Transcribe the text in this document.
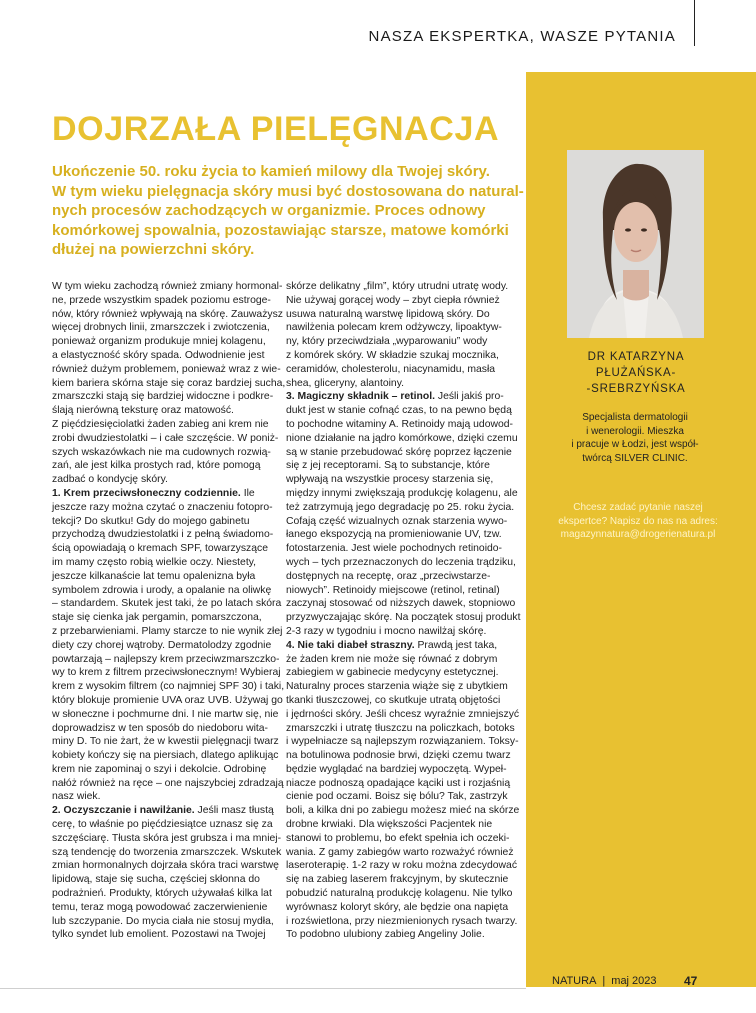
NASZA EKSPERTKA, WASZE PYTANIA
DOJRZAŁA PIELĘGNACJA

Ukończenie 50. roku życia to kamień milowy dla Twojej skóry.
W tym wieku pielęgnacja skóry musi być dostosowana do natural-
nych procesów zachodzących w organizmie. Proces odnowy
komórkowej spowalnia, pozostawiając starsze, matowe komórki
dłużej na powierzchni skóry.

W tym wieku zachodzą również zmiany hormonal-
ne, przede wszystkim spadek poziomu estroge-
nów, który również wpływają na skórę. Zauważysz
więcej drobnych linii, zmarszczek i zwiotczenia,
ponieważ organizm produkuje mniej kolagenu,
a elastyczność skóry spada. Odwodnienie jest
również dużym problemem, ponieważ wraz z wie-
kiem bariera skórna staje się coraz bardziej sucha,
zmarszczki stają się bardziej widoczne i podkre-
ślają nierówną teksturę oraz matowość.
Z pięćdziesięciolatki żaden zabieg ani krem nie
zrobi dwudziestolatki – i całe szczęście. W poniż-
szych wskazówkach nie ma cudownych rozwią-
zań, ale jest kilka prostych rad, które pomogą
zadbać o kondycję skóry.
1. Krem przeciwsłoneczny codziennie. Ile
jeszcze razy można czytać o znaczeniu fotopro-
tekcji? Do skutku! Gdy do mojego gabinetu
przychodzą dwudziestolatki i z pełną świadomo-
ścią opowiadają o kremach SPF, towarzyszące
im mamy często robią wielkie oczy. Niestety,
jeszcze kilkanaście lat temu opalenizna była
symbolem zdrowia i urody, a opalanie na oliwkę
– standardem. Skutek jest taki, że po latach skóra
staje się cienka jak pergamin, pomarszczona,
z przebarwieniami. Plamy starcze to nie wynik złej
diety czy chorej wątroby. Dermatolodzy zgodnie
powtarzają – najlepszy krem przeciwzmarszczko-
wy to krem z filtrem przeciwsłonecznym! Wybieraj
krem z wysokim filtrem (co najmniej SPF 30) i taki,
który blokuje promienie UVA oraz UVB. Używaj go
w słoneczne i pochmurne dni. I nie martw się, nie
doprowadzisz w ten sposób do niedoboru wita-
miny D. To nie żart, że w kwestii pielęgnacji twarz
kobiety kończy się na piersiach, dlatego aplikując
krem nie zapominaj o szyi i dekolcie. Odrobinę
nałóż również na ręce – one najszybciej zdradzają
nasz wiek.
2. Oczyszczanie i nawilżanie. Jeśli masz tłustą
cerę, to właśnie po pięćdziesiątce uznasz się za
szczęściarę. Tłusta skóra jest grubsza i ma mniej-
szą tendencję do tworzenia zmarszczek. Wskutek
zmian hormonalnych dojrzała skóra traci warstwę
lipidową, staje się sucha, częściej skłonna do
podrażnień. Produkty, których używałaś kilka lat
temu, teraz mogą powodować zaczerwienienie
lub szczypanie. Do mycia ciała nie stosuj mydła,
tylko syndet lub emolient. Pozostawi na Twojej
skórze delikatny „film”, który utrudni utratę wody.
Nie używaj gorącej wody – zbyt ciepła również
usuwa naturalną warstwę lipidową skóry. Do
nawilżenia polecam krem odżywczy, lipoaktyw-
ny, który przeciwdziała „wyparowaniu” wody
z komórek skóry. W składzie szukaj mocznika,
ceramidów, cholesterolu, niacynamidu, masła
shea, gliceryny, alantoiny.
3. Magiczny składnik – retinol. Jeśli jakiś pro-
dukt jest w stanie cofnąć czas, to na pewno będą
to pochodne witaminy A. Retinoidy mają udowod-
nione działanie na jądro komórkowe, dzięki czemu
są w stanie przebudować skórę poprzez łączenie
się z jej receptorami. Są to substancje, które
wpływają na wszystkie procesy starzenia się,
między innymi zwiększają produkcję kolagenu, ale
też zatrzymują jego degradację po 25. roku życia.
Cofają część wizualnych oznak starzenia wywo-
łanego ekspozycją na promieniowanie UV, tzw.
fotostarzenia. Jest wiele pochodnych retinoido-
wych – tych przeznaczonych do leczenia trądziku,
dostępnych na receptę, oraz „przeciwstarze-
niowych”. Retinoidy miejscowe (retinol, retinal)
zaczynaj stosować od niższych dawek, stopniowo
przyzwyczajając skórę. Na początek stosuj produkt
2-3 razy w tygodniu i mocno nawilżaj skórę.
4. Nie taki diabeł straszny. Prawdą jest taka,
że żaden krem nie może się równać z dobrym
zabiegiem w gabinecie medycyny estetycznej.
Naturalny proces starzenia wiąże się z ubytkiem
tkanki tłuszczowej, co skutkuje utratą objętości
i jędrności skóry. Jeśli chcesz wyraźnie zmniejszyć
zmarszczki i utratę tłuszczu na policzkach, botoks
i wypełniacze są najlepszym rozwiązaniem. Toksy-
na botulinowa podnosie brwi, dzięki czemu twarz
będzie wyglądać na bardziej wypoczętą. Wypeł-
niacze podnoszą opadające kąciki ust i rozjaśnią
cienie pod oczami. Boisz się bólu? Tak, zastrzyk
boli, a kilka dni po zabiegu możesz mieć na skórze
drobne krwiaki. Dla większości Pacjentek nie
stanowi to problemu, bo efekt spełnia ich oczeki-
wania. Z gamy zabiegów warto rozważyć również
laseroterapię. 1-2 razy w roku można zdecydować
się na zabieg laserem frakcyjnym, by skutecznie
pobudzić naturalną produkcję kolagenu. Nie tylko
wyrównasz koloryt skóry, ale będzie ona napięta
i rozświetlona, przy niezmienionych rysach twarzy.
To podobno ulubiony zabieg Angeliny Jolie.
DR KATARZYNA
PŁUŻAŃSKA-
-SREBRZYŃSKA
Specjalista dermatologii
i wenerologii. Mieszka
i pracuje w Łodzi, jest współ-
twórcą SILVER CLINIC.
Chcesz zadać pytanie naszej
ekspertce? Napisz do nas na adres:
magazynnatura@drogerienatura.pl
NATURA | maj 2023 47
